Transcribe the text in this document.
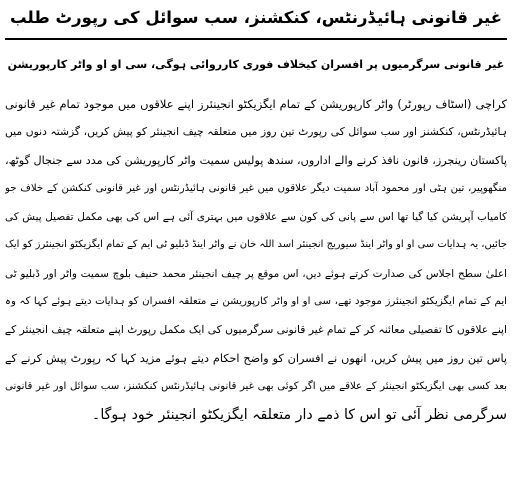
غیر قانونی ہائیڈرنٹس، کنکشنز، سب سوائل کی رپورٹ طلب
غیر قانونی سرگرمیوں پر افسران کیخلاف فوری کارروائی ہوگی، سی او او واٹر کارپوریشن
کراچی (اسٹاف رپورٹر) واٹر کارپوریشن کے تمام ایگزیکٹو انجینئرز اپنے علاقوں میں موجود تمام غیر قانونی
ہائیڈرنٹس، کنکشنز اور سب سوائل کی رپورٹ تین روز میں متعلقہ چیف انجینئر کو پیش کریں، گزشتہ دنوں میں
پاکستان رینجرز، قانون نافذ کرنے والے اداروں، سندھ پولیس سمیت واٹر کارپوریشن کی مدد سے جنجال گوٹھ،
منگھوپیر، تین ہٹی اور محمود آباد سمیت دیگر علاقوں میں غیر قانونی ہائیڈرنٹس اور غیر قانونی کنکشن کے خلاف جو
کامیاب آپریشن کیا گیا تھا اس سے پانی کی کون سے علاقوں میں بہتری آئی ہے اس کی بھی مکمل تفصیل پیش کی
جائیں، یہ ہدایات سی او او واٹر اینڈ سیوریج انجینئر اسد اللہ خان نے واٹر اینڈ ڈبلیو ٹی ایم کے تمام ایگزیکٹو انجینئرز کو ایک
اعلیٰ سطح اجلاس کی صدارت کرتے ہوئے دیں، اس موقع پر چیف انجینئر محمد حنیف بلوچ سمیت واٹر اور ڈبلیو ٹی
ایم کے تمام ایگزیکٹو انجینئرز موجود تھے، سی او او واٹر کارپوریشن نے متعلقہ افسران کو ہدایات دیتے ہوئے کہا کہ وہ
اپنے علاقوں کا تفصیلی معائنہ کر کے تمام غیر قانونی سرگرمیوں کی ایک مکمل رپورٹ اپنے متعلقہ چیف انجینئر کے
پاس تین روز میں پیش کریں، انھوں نے افسران کو واضح احکام دیتے ہوئے مزید کہا کہ رپورٹ پیش کرنے کے
بعد کسی بھی ایگزیکٹو انجینئر کے علاقے میں اگر کوئی بھی غیر قانونی ہائیڈرنٹس کنکشنز، سب سوائل اور غیر قانونی
سرگرمی نظر آئی تو اس کا ذمے دار متعلقہ ایگزیکٹو انجینئر خود ہوگا۔
